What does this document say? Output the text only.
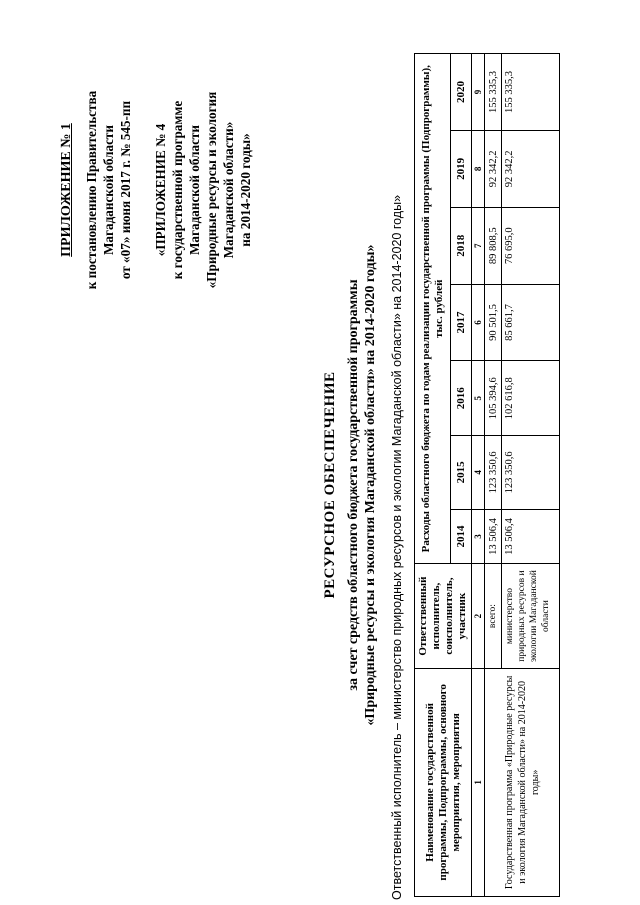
ПРИЛОЖЕНИЕ № 1 к постановлению Правительства Магаданской области от «07» июня 2017 г. № 545-пп «ПРИЛОЖЕНИЕ № 4 к государственной программе Магаданской области «Природные ресурсы и экология Магаданской области» на 2014-2020 годы»
РЕСУРСНОЕ ОБЕСПЕЧЕНИЕ за счет средств областного бюджета государственной программы «Природные ресурсы и экология Магаданской области» на 2014-2020 годы» Ответственный исполнитель – министерство природных ресурсов и экологии Магаданской области» на 2014-2020 годы» Наименование государственной программы, Подпрограммы, основного мероприятия, мероприятия	Ответственный исполнитель, соисполнитель, участник	Расходы областного бюджета по годам реализации государственной программы (Подпрограммы), тыс. рублей						
		2014	2015	2016	2017	2018	2019	2020
1	2	3	4	5	6	7	8	9
Государственная программа «Природные ресурсы и экология Магаданской области» на 2014-2020 годы»	всего:	13 506,4	123 350,6	105 394,6	90 501,5	89 808,5	92 342,2	155 335,3
	министерство природных ресурсов и экологии Магаданской области	13 506,4	123 350,6	102 616,8	85 661,7	76 695,0	92 342,2	155 335,3
